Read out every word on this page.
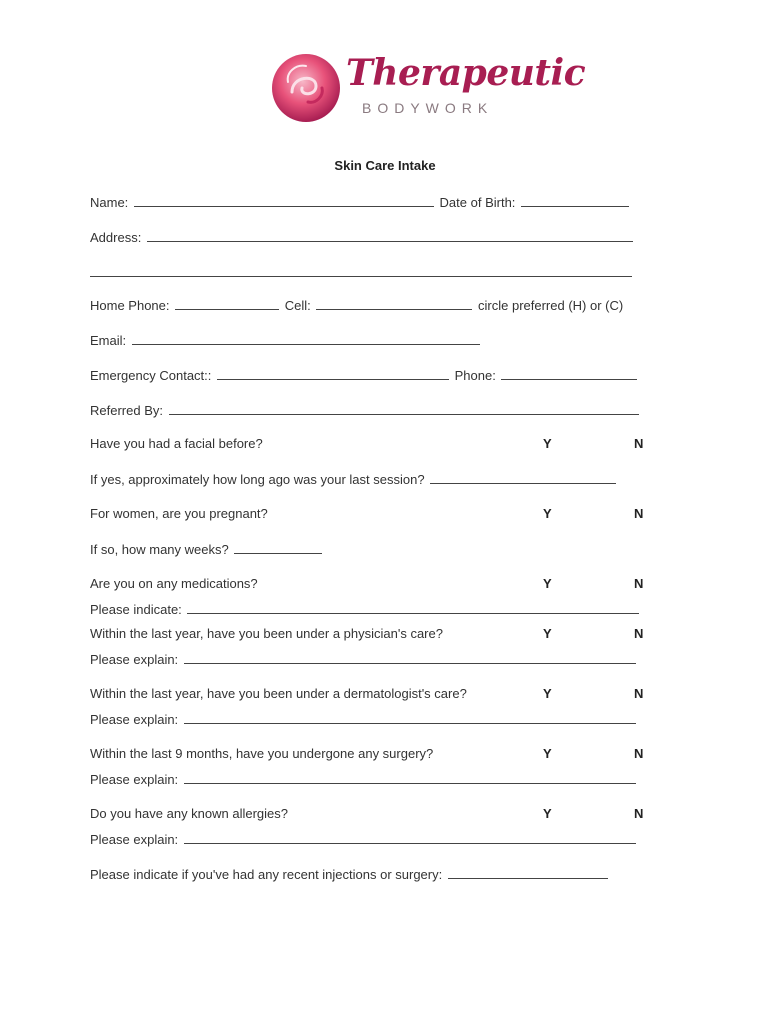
Therapeutic
BODYWORK
Skin Care Intake
Name:	Date of Birth:
Address:
Home Phone:	Cell:	circle preferred (H) or (C)
Email:
Emergency Contact::	Phone:
Referred By:
Have you had a facial before?	Y	N
If yes, approximately how long ago was your last session?
For women, are you pregnant?	Y	N
If so, how many weeks?
Are you on any medications?	Y	N
Please indicate:
Within the last year, have you been under a physician's care?	Y	N
Please explain:
Within the last year, have you been under a dermatologist's care?	Y	N
Please explain:
Within the last 9 months, have you undergone any surgery?	Y	N
Please explain:
Do you have any known allergies?	Y	N
Please explain:
Please indicate if you've had any recent injections or surgery:
